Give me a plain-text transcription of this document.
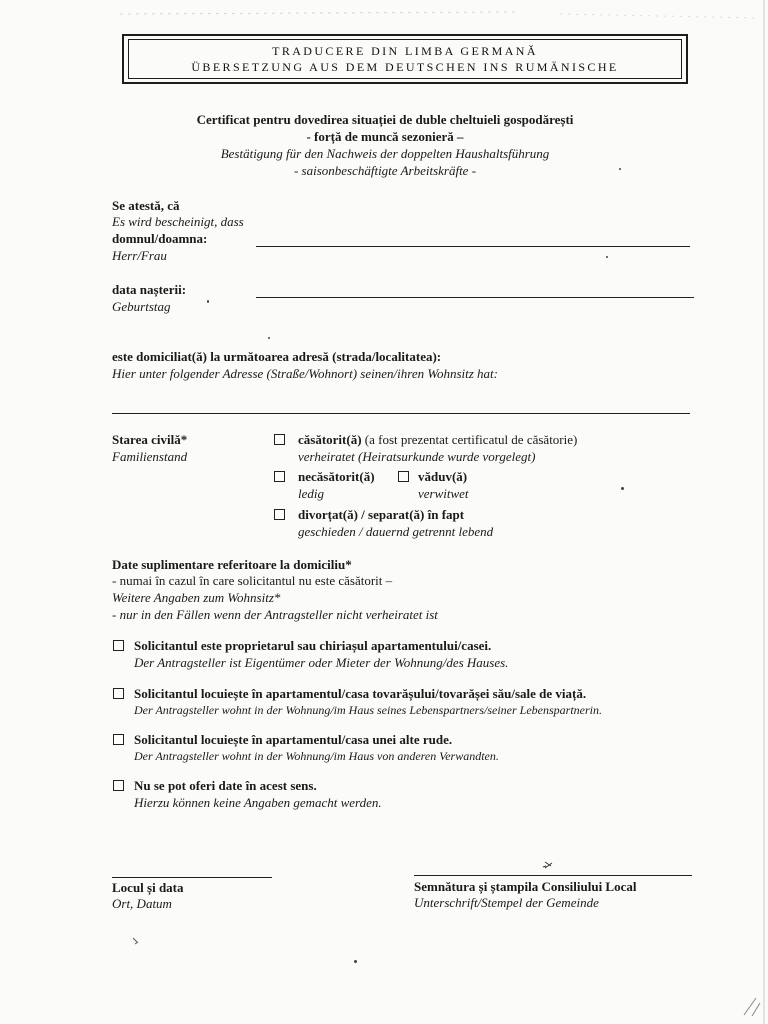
TRADUCERE DIN LIMBA GERMANĂ
ÜBERSETZUNG AUS DEM DEUTSCHEN INS RUMÄNISCHE
Certificat pentru dovedirea situației de duble cheltuieli gospodărești
- forță de muncă sezonieră –
Bestätigung für den Nachweis der doppelten Haushaltsführung
- saisonbeschäftigte Arbeitskräfte -
Se atestă, că
Es wird bescheinigt, dass
domnul/doamna:
Herr/Frau
data nașterii:
Geburtstag
este domiciliat(ă) la următoarea adresă (strada/localitatea):
Hier unter folgender Adresse (Straße/Wohnort) seinen/ihren Wohnsitz hat:
Starea civilă*
Familienstand
căsătorit(ă) (a fost prezentat certificatul de căsătorie)
verheiratet (Heiratsurkunde wurde vorgelegt)
necăsătorit(ă)
ledig
văduv(ă)
verwitwet
divorțat(ă) / separat(ă) în fapt
geschieden / dauernd getrennt lebend
Date suplimentare referitoare la domiciliu*
- numai în cazul în care solicitantul nu este căsătorit –
Weitere Angaben zum Wohnsitz*
- nur in den Fällen wenn der Antragsteller nicht verheiratet ist
Solicitantul este proprietarul sau chiriașul apartamentului/casei.
Der Antragsteller ist Eigentümer oder Mieter der Wohnung/des Hauses.
Solicitantul locuiește în apartamentul/casa tovarășului/tovarășei său/sale de viață.
Der Antragsteller wohnt in der Wohnung/im Haus seines Lebenspartners/seiner Lebenspartnerin.
Solicitantul locuiește în apartamentul/casa unei alte rude.
Der Antragsteller wohnt in der Wohnung/im Haus von anderen Verwandten.
Nu se pot oferi date în acest sens.
Hierzu können keine Angaben gemacht werden.
Locul și data
Ort, Datum
Semnătura și ștampila Consiliului Local
Unterschrift/Stempel der Gemeinde
